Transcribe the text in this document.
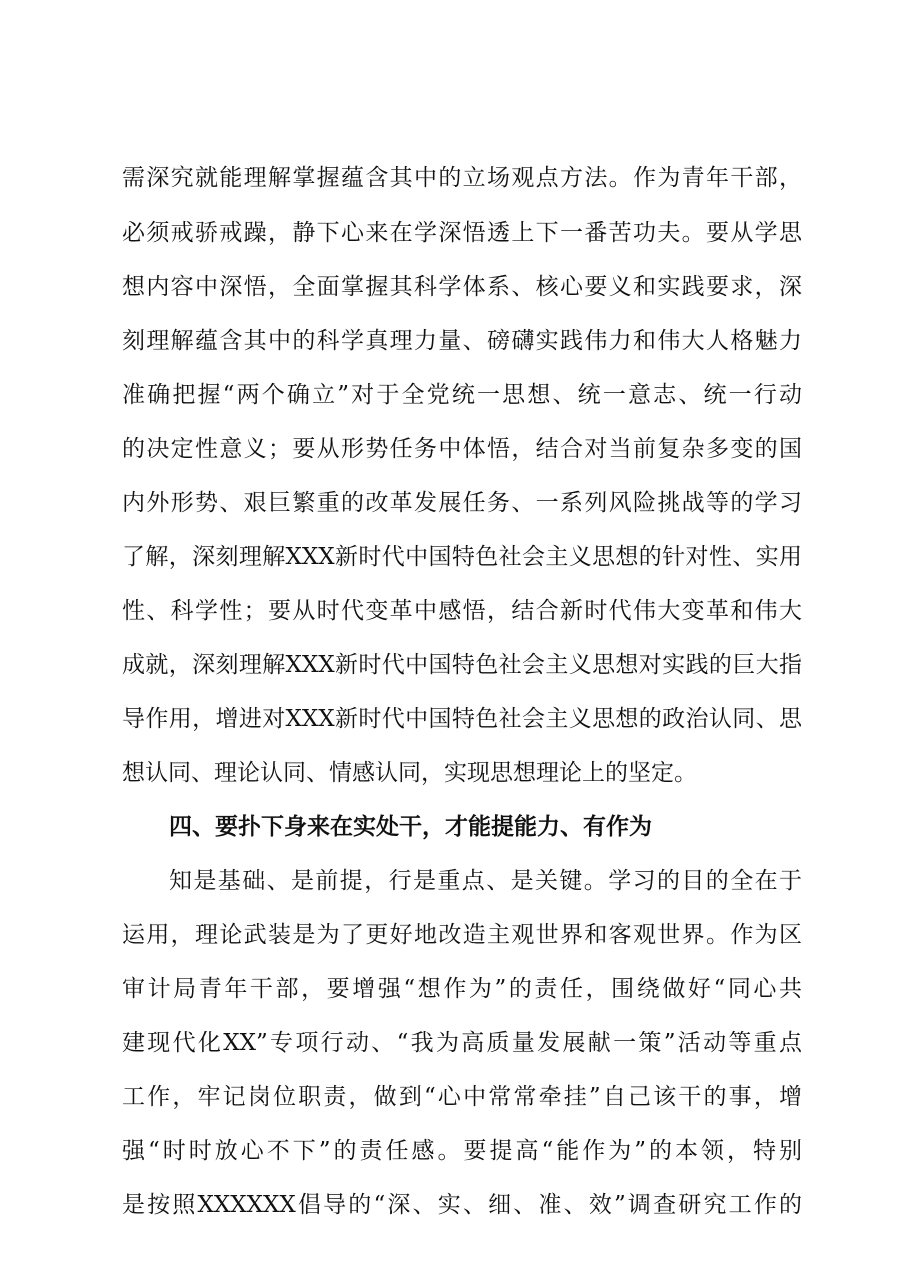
需深究就能理解掌握蕴含其中的立场观点方法。作为青年干部，
必须戒骄戒躁，静下心来在学深悟透上下一番苦功夫。要从学思
想内容中深悟，全面掌握其科学体系、核心要义和实践要求，深
刻理解蕴含其中的科学真理力量、磅礴实践伟力和伟大人格魅力
准确把握“两个确立”对于全党统一思想、统一意志、统一行动
的决定性意义；要从形势任务中体悟，结合对当前复杂多变的国
内外形势、艰巨繁重的改革发展任务、一系列风险挑战等的学习
了解，深刻理解XXX新时代中国特色社会主义思想的针对性、实用
性、科学性；要从时代变革中感悟，结合新时代伟大变革和伟大
成就，深刻理解XXX新时代中国特色社会主义思想对实践的巨大指
导作用，增进对XXX新时代中国特色社会主义思想的政治认同、思
想认同、理论认同、情感认同，实现思想理论上的坚定。
四、要扑下身来在实处干，才能提能力、有作为
知是基础、是前提，行是重点、是关键。学习的目的全在于
运用，理论武装是为了更好地改造主观世界和客观世界。作为区
审计局青年干部，要增强“想作为”的责任，围绕做好“同心共
建现代化XX”专项行动、“我为高质量发展献一策”活动等重点
工作，牢记岗位职责，做到“心中常常牵挂”自己该干的事，增
强“时时放心不下”的责任感。要提高“能作为”的本领，特别
是按照XXXXXX倡导的“深、实、细、准、效”调查研究工作的
